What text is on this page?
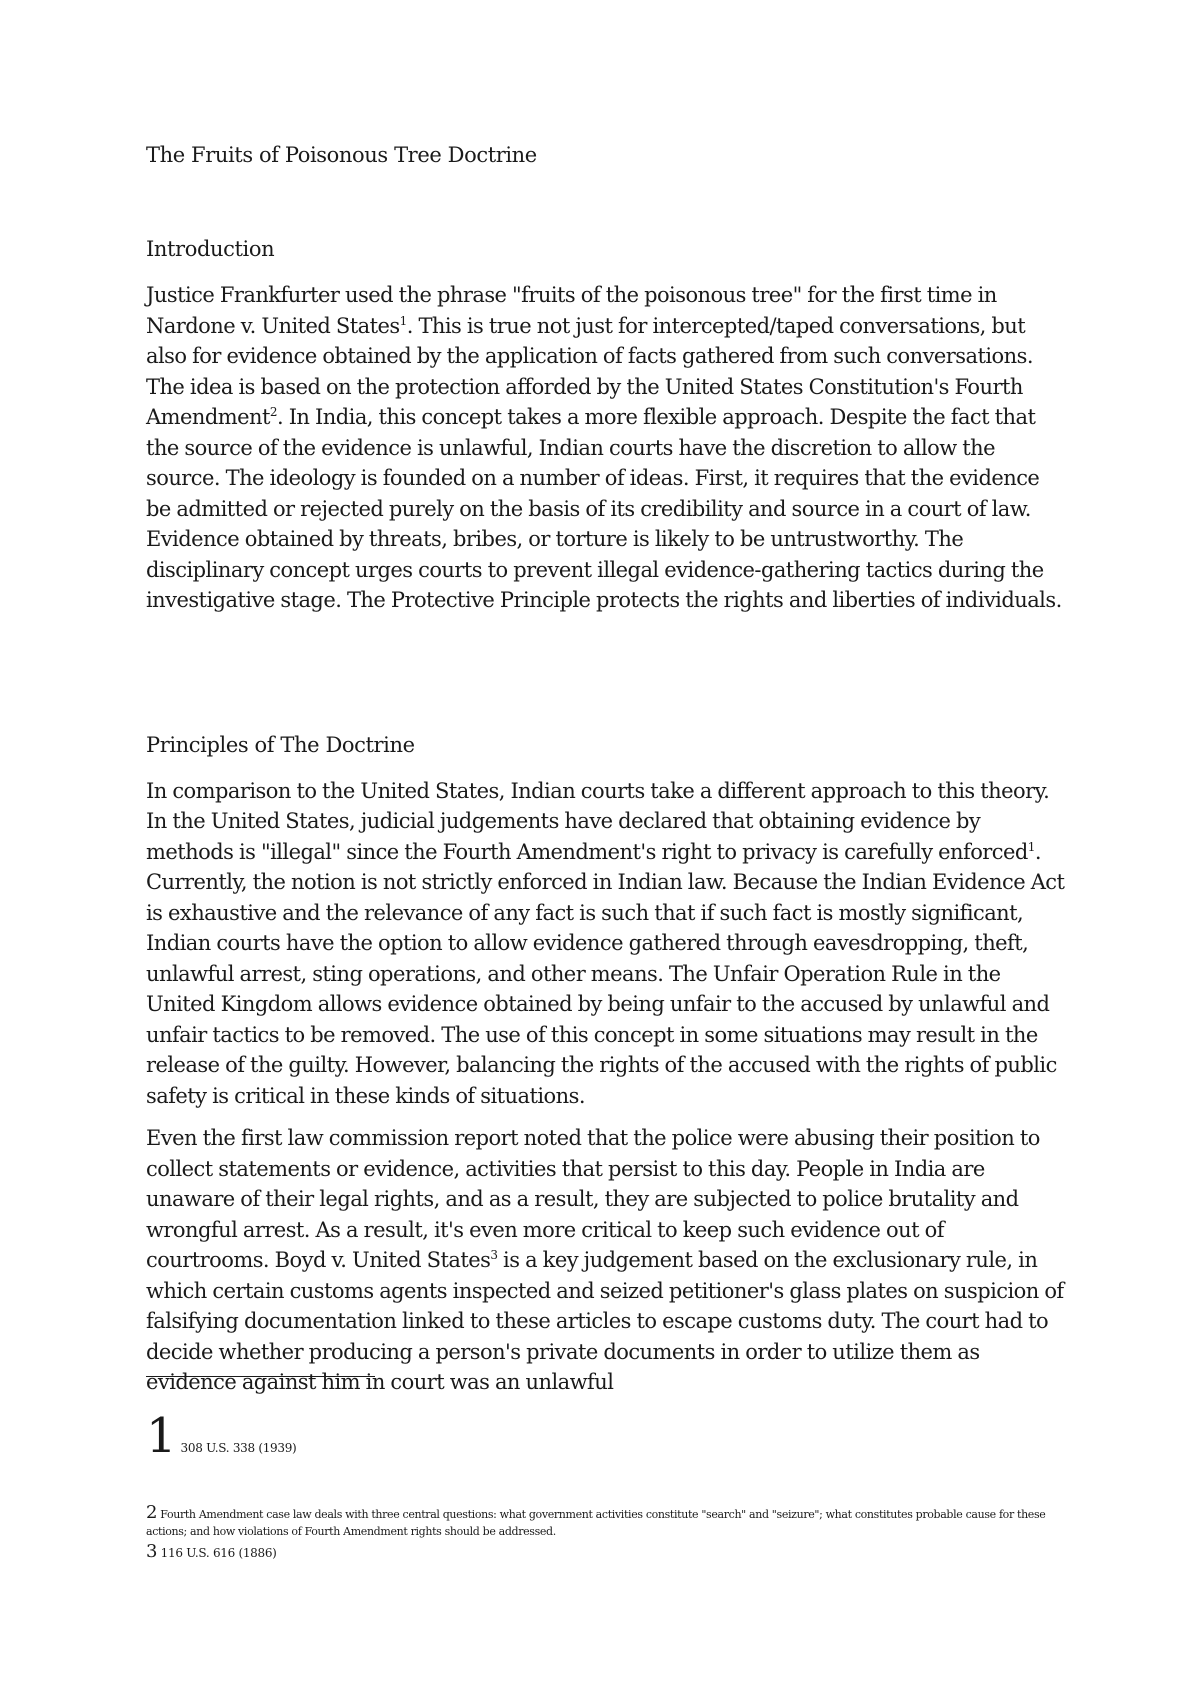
The Fruits of Poisonous Tree Doctrine
Introduction

Justice Frankfurter used the phrase "fruits of the poisonous tree" for the first time in Nardone v. United States$^1$. This is true not just for intercepted/taped conversations, but also for evidence obtained by the application of facts gathered from such conversations. The idea is based on the protection afforded by the United States Constitution's Fourth Amendment$^2$. In India, this concept takes a more flexible approach. Despite the fact that the source of the evidence is unlawful, Indian courts have the discretion to allow the source. The ideology is founded on a number of ideas. First, it requires that the evidence be admitted or rejected purely on the basis of its credibility and source in a court of law. Evidence obtained by threats, bribes, or torture is likely to be untrustworthy. The disciplinary concept urges courts to prevent illegal evidence-gathering tactics during the investigative stage. The Protective Principle protects the rights and liberties of individuals.

Principles of The Doctrine

In comparison to the United States, Indian courts take a different approach to this theory. In the United States, judicial judgements have declared that obtaining evidence by methods is "illegal" since the Fourth Amendment's right to privacy is carefully enforced$^1$. Currently, the notion is not strictly enforced in Indian law. Because the Indian Evidence Act is exhaustive and the relevance of any fact is such that if such fact is mostly significant, Indian courts have the option to allow evidence gathered through eavesdropping, theft, unlawful arrest, sting operations, and other means. The Unfair Operation Rule in the United Kingdom allows evidence obtained by being unfair to the accused by unlawful and unfair tactics to be removed. The use of this concept in some situations may result in the release of the guilty. However, balancing the rights of the accused with the rights of public safety is critical in these kinds of situations.

Even the first law commission report noted that the police were abusing their position to collect statements or evidence, activities that persist to this day. People in India are unaware of their legal rights, and as a result, they are subjected to police brutality and wrongful arrest. As a result, it's even more critical to keep such evidence out of courtrooms. Boyd v. United States$^3$ is a key judgement based on the exclusionary rule, in which certain customs agents inspected and seized petitioner's glass plates on suspicion of falsifying documentation linked to these articles to escape customs duty. The court had to decide whether producing a person's private documents in order to utilize them as evidence against him in court was an unlawful

1 308 U.S. 338 (1939)

2 Fourth Amendment case law deals with three central questions: what government activities constitute "search" and "seizure"; what constitutes probable cause for these actions; and how violations of Fourth Amendment rights should be addressed.

3 116 U.S. 616 (1886)
